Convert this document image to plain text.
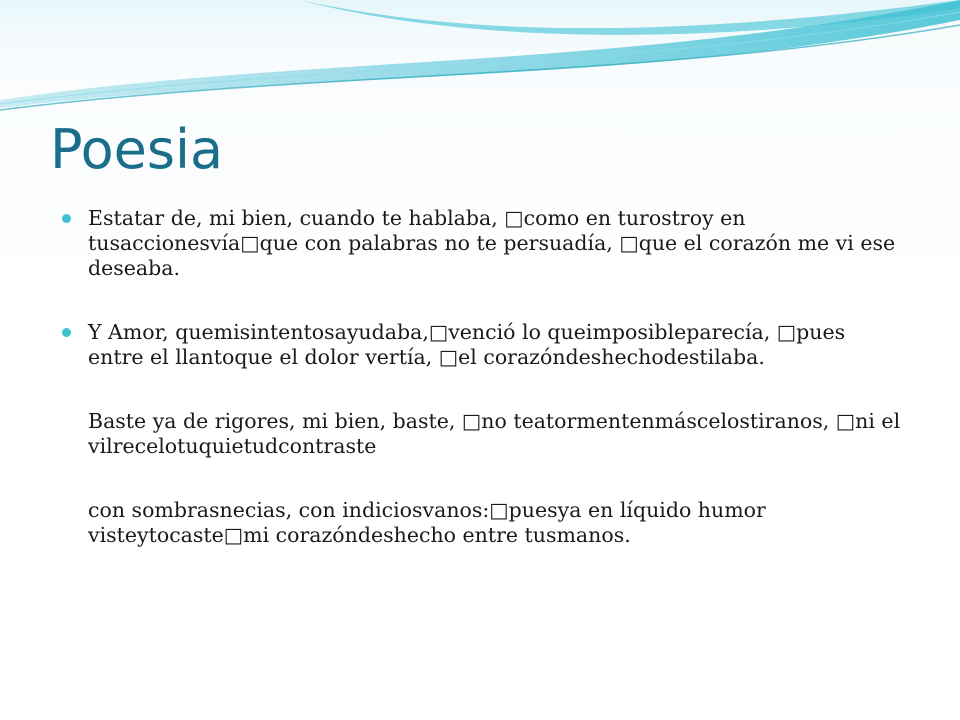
Poesia

Estatar de, mi bien, cuando te hablaba, □como en turostroy en tusaccionesvía□que con palabras no te persuadía, □que el corazón me vi ese deseaba.

Y Amor, quemisintentosayudaba,□venció lo queimposibleparecía, □pues entre el llantoque el dolor vertía, □el corazóndeshechodestilaba.

Baste ya de rigores, mi bien, baste, □no teatormentenmáscelostiranos, □ni el vilrecelotuquietudcontraste

con sombrasnecias, con indiciosvanos:□puesya en líquido humor visteytocaste□mi corazóndeshecho entre tusmanos.
